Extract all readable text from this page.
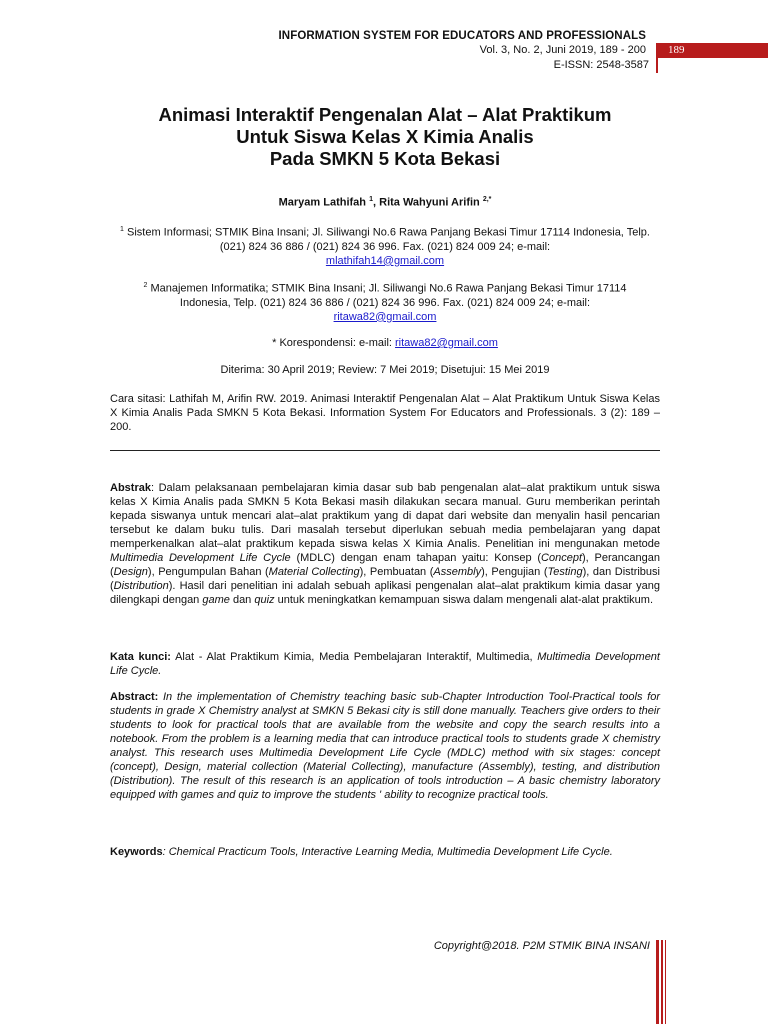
INFORMATION SYSTEM FOR EDUCATORS AND PROFESSIONALS
Vol. 3, No. 2, Juni 2019, 189 - 200
E-ISSN: 2548-3587
189
Animasi Interaktif Pengenalan Alat – Alat Praktikum
Untuk Siswa Kelas X Kimia Analis
Pada SMKN 5 Kota Bekasi
Maryam Lathifah $^1$, Rita Wahyuni Arifin $^{2,*}$
$^1$ Sistem Informasi; STMIK Bina Insani; Jl. Siliwangi No.6 Rawa Panjang Bekasi Timur 17114 Indonesia, Telp. (021) 824 36 886 / (021) 824 36 996. Fax. (021) 824 009 24; e-mail:
mlathifah14@gmail.com
$^2$ Manajemen Informatika; STMIK Bina Insani; Jl. Siliwangi No.6 Rawa Panjang Bekasi Timur 17114 Indonesia, Telp. (021) 824 36 886 / (021) 824 36 996. Fax. (021) 824 009 24; e-mail:
ritawa82@gmail.com
* Korespondensi: e-mail: ritawa82@gmail.com
Diterima: 30 April 2019; Review: 7 Mei 2019; Disetujui: 15 Mei 2019
Cara sitasi: Lathifah M, Arifin RW. 2019. Animasi Interaktif Pengenalan Alat – Alat Praktikum Untuk Siswa Kelas X Kimia Analis Pada SMKN 5 Kota Bekasi. Information System For Educators and Professionals. 3 (2): 189 – 200.
Abstrak: Dalam pelaksanaan pembelajaran kimia dasar sub bab pengenalan alat–alat praktikum untuk siswa kelas X Kimia Analis pada SMKN 5 Kota Bekasi masih dilakukan secara manual. Guru memberikan perintah kepada siswanya untuk mencari alat–alat praktikum yang di dapat dari website dan menyalin hasil pencarian tersebut ke dalam buku tulis. Dari masalah tersebut diperlukan sebuah media pembelajaran yang dapat memperkenalkan alat–alat praktikum kepada siswa kelas X Kimia Analis. Penelitian ini mengunakan metode Multimedia Development Life Cycle (MDLC) dengan enam tahapan yaitu: Konsep (Concept), Perancangan (Design), Pengumpulan Bahan (Material Collecting), Pembuatan (Assembly), Pengujian (Testing), dan Distribusi (Distribution). Hasil dari penelitian ini adalah sebuah aplikasi pengenalan alat–alat praktikum kimia dasar yang dilengkapi dengan game dan quiz untuk meningkatkan kemampuan siswa dalam mengenali alat-alat praktikum.
Kata kunci: Alat - Alat Praktikum Kimia, Media Pembelajaran Interaktif, Multimedia, Multimedia Development Life Cycle.
Abstract: In the implementation of Chemistry teaching basic sub-Chapter Introduction Tool-Practical tools for students in grade X Chemistry analyst at SMKN 5 Bekasi city is still done manually. Teachers give orders to their students to look for practical tools that are available from the website and copy the search results into a notebook. From the problem is a learning media that can introduce practical tools to students grade X chemistry analyst. This research uses Multimedia Development Life Cycle (MDLC) method with six stages: concept (concept), Design, material collection (Material Collecting), manufacture (Assembly), testing, and distribution (Distribution). The result of this research is an application of tools introduction – A basic chemistry laboratory equipped with games and quiz to improve the students ' ability to recognize practical tools.
Keywords: Chemical Practicum Tools, Interactive Learning Media, Multimedia Development Life Cycle.
Copyright@2018. P2M STMIK BINA INSANI
